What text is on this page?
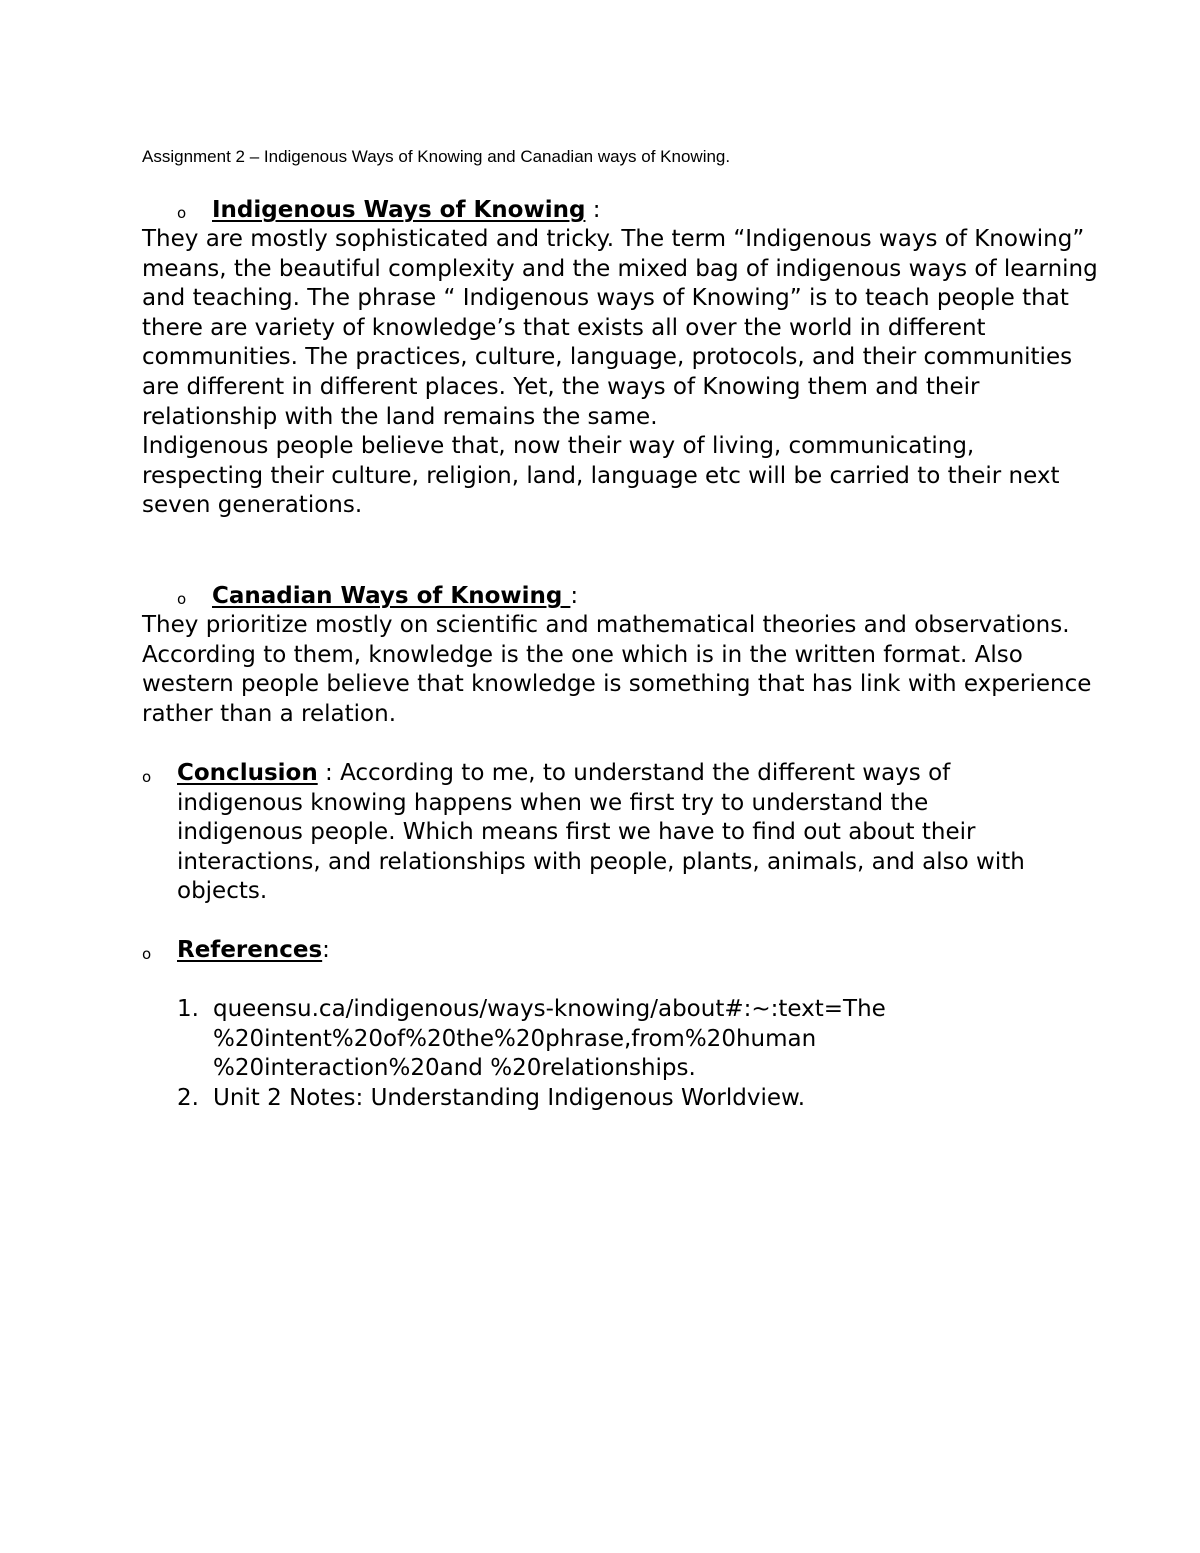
Assignment 2 – Indigenous Ways of Knowing and Canadian ways of Knowing.
o Indigenous Ways of Knowing :

They are mostly sophisticated and tricky. The term “Indigenous ways of Knowing” means, the beautiful complexity and the mixed bag of indigenous ways of learning and teaching. The phrase “ Indigenous ways of Knowing” is to teach people that there are variety of knowledge’s that exists all over the world in different communities. The practices, culture, language, protocols, and their communities are different in different places. Yet, the ways of Knowing them and their relationship with the land remains the same.

Indigenous people believe that, now their way of living, communicating, respecting their culture, religion, land, language etc will be carried to their next seven generations.

o Canadian Ways of Knowing :

They prioritize mostly on scientific and mathematical theories and observations. According to them, knowledge is the one which is in the written format. Also western people believe that knowledge is something that has link with experience rather than a relation.

o Conclusion : According to me, to understand the different ways of indigenous knowing happens when we first try to understand the indigenous people. Which means first we have to find out about their interactions, and relationships with people, plants, animals, and also with objects.
o References:
1. queensu.ca/indigenous/ways-knowing/about#:~:text=The
%20intent%20of%20the%20phrase,from%20human
%20interaction%20and %20relationships.
2. Unit 2 Notes: Understanding Indigenous Worldview.
